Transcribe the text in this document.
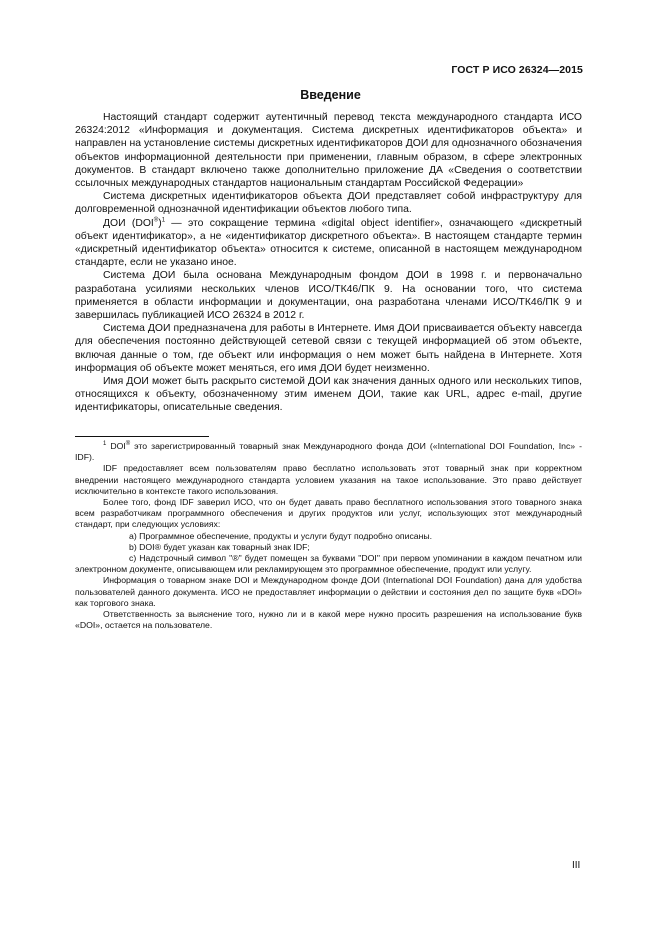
ГОСТ Р ИСО 26324—2015
Введение

Настоящий стандарт содержит аутентичный перевод текста международного стандарта ИСО 26324:2012 «Информация и документация. Система дискретных идентификаторов объекта» и направлен на установление системы дискретных идентификаторов ДОИ для однозначного обозначения объектов информационной деятельности при применении, главным образом, в сфере электронных документов. В стандарт включено также дополнительно приложение ДА «Сведения о соответствии ссылочных международных стандартов национальным стандартам Российской Федерации»

Система дискретных идентификаторов объекта ДОИ представляет собой инфраструктуру для долговременной однозначной идентификации объектов любого типа.

ДОИ $(DOI®)^1$ — это сокращение термина «digital object identifier», означающего «дискретный объект идентификатор», а не «идентификатор дискретного объекта». В настоящем стандарте термин «дискретный идентификатор объекта» относится к системе, описанной в настоящем международном стандарте, если не указано иное.

Система ДОИ была основана Международным фондом ДОИ в 1998 г. и первоначально разработана усилиями нескольких членов ИСО/ТК46/ПК 9. На основании того, что система применяется в области информации и документации, она разработана членами ИСО/ТК46/ПК 9 и завершилась публикацией ИСО 26324 в 2012 г.

Система ДОИ предназначена для работы в Интернете. Имя ДОИ присваивается объекту навсегда для обеспечения постоянно действующей сетевой связи с текущей информацией об этом объекте, включая данные о том, где объект или информация о нем может быть найдена в Интернете. Хотя информация об объекте может меняться, его имя ДОИ будет неизменно.

Имя ДОИ может быть раскрыто системой ДОИ как значения данных одного или нескольких типов, относящихся к объекту, обозначенному этим именем ДОИ, такие как URL, адрес e-mail, другие идентификаторы, описательные сведения.

$^1$ DOI® это зарегистрированный товарный знак Международного фонда ДОИ («International DOI Foundation, Inc» - IDF).

IDF предоставляет всем пользователям право бесплатно использовать этот товарный знак при корректном внедрении настоящего международного стандарта условием указания на такое использование. Это право действует исключительно в контексте такого использования.

Более того, фонд IDF заверил ИСО, что он будет давать право бесплатного использования этого товарного знака всем разработчикам программного обеспечения и других продуктов или услуг, использующих этот международный стандарт, при следующих условиях:

а) Программное обеспечение, продукты и услуги будут подробно описаны.

b) DOI® будет указан как товарный знак IDF;

c) Надстрочный символ "®" будет помещен за буквами "DOI" при первом упоминании в каждом печатном или электронном документе, описывающем или рекламирующем это программное обеспечение, продукт или услугу.

Информация о товарном знаке DOI и Международном фонде ДОИ (International DOI Foundation) дана для удобства пользователей данного документа. ИСО не предоставляет информации о действии и состояния дел по защите букв «DOI» как торгового знака.

Ответственность за выяснение того, нужно ли и в какой мере нужно просить разрешения на использование букв «DOI», остается на пользователе.

III
